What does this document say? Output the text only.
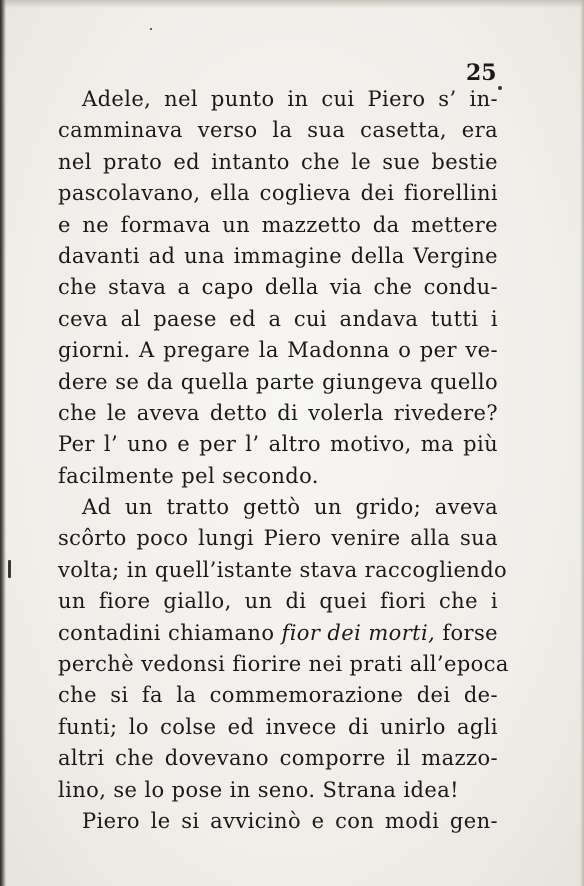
25
Adele, nel punto in cui Piero s’ in-
camminava verso la sua casetta, era
nel prato ed intanto che le sue bestie
pascolavano, ella coglieva dei fiorellini
e ne formava un mazzetto da mettere
davanti ad una immagine della Vergine
che stava a capo della via che condu-
ceva al paese ed a cui andava tutti i
giorni. A pregare la Madonna o per ve-
dere se da quella parte giungeva quello
che le aveva detto di volerla rivedere?
Per l’ uno e per l’ altro motivo, ma più
facilmente pel secondo.
Ad un tratto gettò un grido; aveva
scôrto poco lungi Piero venire alla sua
volta; in quell’istante stava raccogliendo
un fiore giallo, un di quei fiori che i
contadini chiamano fior dei morti, forse
perchè vedonsi fiorire nei prati all’epoca
che si fa la commemorazione dei de-
funti; lo colse ed invece di unirlo agli
altri che dovevano comporre il mazzo-
lino, se lo pose in seno. Strana idea!
Piero le si avvicinò e con modi gen-
